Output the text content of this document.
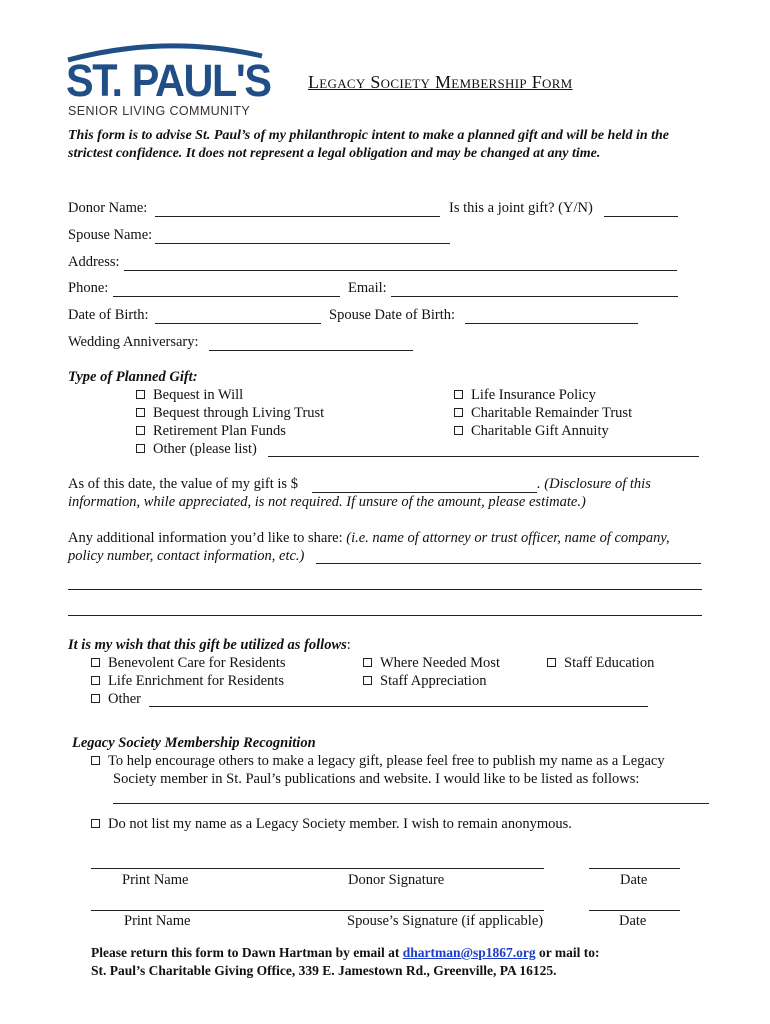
ST. PAUL'S
SENIOR LIVING COMMUNITY
Legacy Society Membership Form
This form is to advise St. Paul’s of my philanthropic intent to make a planned gift and will be held in the strictest confidence. It does not represent a legal obligation and may be changed at any time.
Donor Name:	Is this a joint gift? (Y/N)
Spouse Name:
Address:
Phone:	Email:
Date of Birth:	Spouse Date of Birth:
Wedding Anniversary:
Type of Planned Gift:
Bequest in Will
Bequest through Living Trust
Retirement Plan Funds
Other (please list)
Life Insurance Policy
Charitable Remainder Trust
Charitable Gift Annuity
As of this date, the value of my gift is $	. (Disclosure of this
information, while appreciated, is not required. If unsure of the amount, please estimate.)
Any additional information you’d like to share: (i.e. name of attorney or trust officer, name of company,
policy number, contact information, etc.)
It is my wish that this gift be utilized as follows:
Benevolent Care for Residents
Life Enrichment for Residents
Other
Where Needed Most
Staff Appreciation
Staff Education
Legacy Society Membership Recognition
To help encourage others to make a legacy gift, please feel free to publish my name as a Legacy
Society member in St. Paul’s publications and website. I would like to be listed as follows:
Do not list my name as a Legacy Society member. I wish to remain anonymous.
Print Name	Donor Signature	Date
Print Name	Spouse’s Signature (if applicable)	Date
Please return this form to Dawn Hartman by email at dhartman@sp1867.org or mail to:
St. Paul’s Charitable Giving Office, 339 E. Jamestown Rd., Greenville, PA 16125.
